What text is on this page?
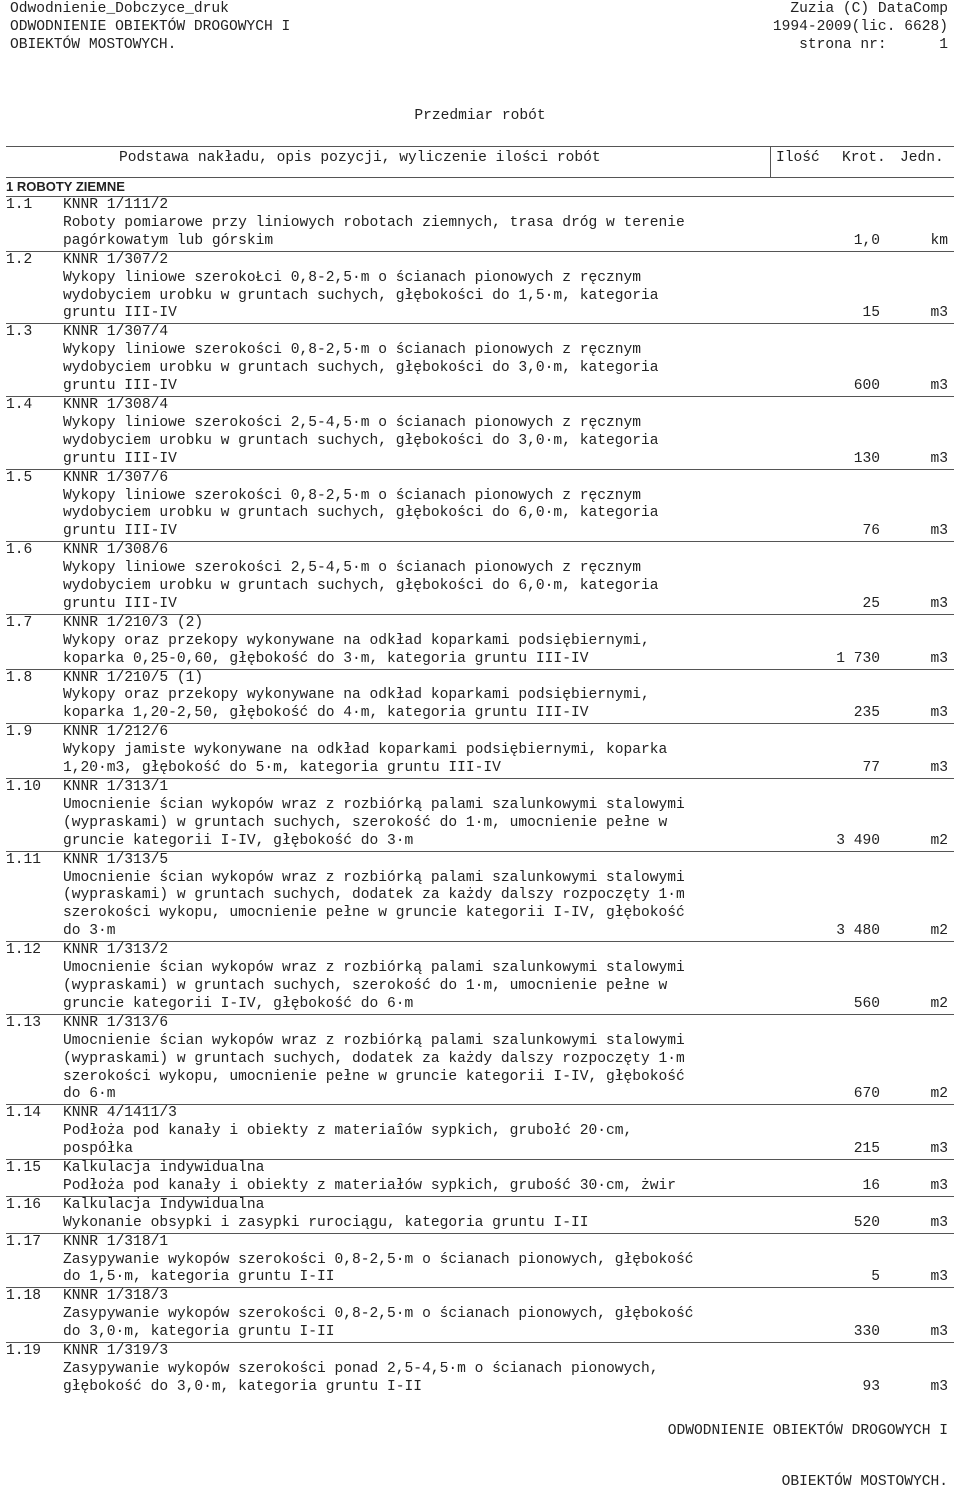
Odwodnienie_Dobczyce_druk	Zuzia (C) DataComp
ODWODNIENIE OBIEKTÓW DROGOWYCH I	1994-2009(lic. 6628)
OBIEKTÓW MOSTOWYCH.	strona nr:	1
Przedmiar robót
Podstawa nakładu, opis pozycji, wyliczenie ilości robót	Ilość Krot. Jedn.
1 ROBOTY ZIEMNE
1.1	KNNR 1/111/2
Roboty pomiarowe przy liniowych robotach ziemnych, trasa dróg w terenie
pagórkowatym lub górskim	1,0	km
1.2	KNNR 1/307/2
Wykopy liniowe szerokoŁci 0,8-2,5·m o ścianach pionowych z ręcznym
wydobyciem urobku w gruntach suchych, głębokości do 1,5·m, kategoria
gruntu III-IV	15	m3
1.3	KNNR 1/307/4
Wykopy liniowe szerokości 0,8-2,5·m o ścianach pionowych z ręcznym
wydobyciem urobku w gruntach suchych, głębokości do 3,0·m, kategoria
gruntu III-IV	600	m3
1.4	KNNR 1/308/4
Wykopy liniowe szerokości 2,5-4,5·m o ścianach pionowych z ręcznym
wydobyciem urobku w gruntach suchych, głębokości do 3,0·m, kategoria
gruntu III-IV	130	m3
1.5	KNNR 1/307/6
Wykopy liniowe szerokości 0,8-2,5·m o ścianach pionowych z ręcznym
wydobyciem urobku w gruntach suchych, głębokości do 6,0·m, kategoria
gruntu III-IV	76	m3
1.6	KNNR 1/308/6
Wykopy liniowe szerokości 2,5-4,5·m o ścianach pionowych z ręcznym
wydobyciem urobku w gruntach suchych, głębokości do 6,0·m, kategoria
gruntu III-IV	25	m3
1.7	KNNR 1/210/3 (2)
Wykopy oraz przekopy wykonywane na odkład koparkami podsiębiernymi,
koparka 0,25-0,60, głębokość do 3·m, kategoria gruntu III-IV	1 730	m3
1.8	KNNR 1/210/5 (1)
Wykopy oraz przekopy wykonywane na odkład koparkami podsiębiernymi,
koparka 1,20-2,50, głębokość do 4·m, kategoria gruntu III-IV	235	m3
1.9	KNNR 1/212/6
Wykopy jamiste wykonywane na odkład koparkami podsiębiernymi, koparka
1,20·m3, głębokość do 5·m, kategoria gruntu III-IV	77	m3
1.10	KNNR 1/313/1
Umocnienie ścian wykopów wraz z rozbiórką palami szalunkowymi stalowymi
(wypraskami) w gruntach suchych, szerokość do 1·m, umocnienie pełne w
gruncie kategorii I-IV, głębokość do 3·m	3 490	m2
1.11	KNNR 1/313/5
Umocnienie ścian wykopów wraz z rozbiórką palami szalunkowymi stalowymi
(wypraskami) w gruntach suchych, dodatek za każdy dalszy rozpoczęty 1·m
szerokości wykopu, umocnienie pełne w gruncie kategorii I-IV, głębokość
do 3·m	3 480	m2
1.12	KNNR 1/313/2
Umocnienie ścian wykopów wraz z rozbiórką palami szalunkowymi stalowymi
(wypraskami) w gruntach suchych, szerokość do 1·m, umocnienie pełne w
gruncie kategorii I-IV, głębokość do 6·m	560	m2
1.13	KNNR 1/313/6
Umocnienie ścian wykopów wraz z rozbiórką palami szalunkowymi stalowymi
(wypraskami) w gruntach suchych, dodatek za każdy dalszy rozpoczęty 1·m
szerokości wykopu, umocnienie pełne w gruncie kategorii I-IV, głębokość
do 6·m	670	m2
1.14	KNNR 4/1411/3
Podłoża pod kanały i obiekty z materiaîów sypkich, grubołć 20·cm,
pospółka	215	m3
1.15	Kalkulacja indywidualna
Podłoża pod kanały i obiekty z materiałów sypkich, grubość 30·cm, żwir	16	m3
1.16	Kalkulacja Indywidualna
Wykonanie obsypki i zasypki rurociągu, kategoria gruntu I-II	520	m3
1.17	KNNR 1/318/1
Zasypywanie wykopów szerokości 0,8-2,5·m o ścianach pionowych, głębokość
do 1,5·m, kategoria gruntu I-II	5	m3
1.18	KNNR 1/318/3
Zasypywanie wykopów szerokości 0,8-2,5·m o ścianach pionowych, głębokość
do 3,0·m, kategoria gruntu I-II	330	m3
1.19	KNNR 1/319/3
Zasypywanie wykopów szerokości ponad 2,5-4,5·m o ścianach pionowych,
głębokość do 3,0·m, kategoria gruntu I-II	93	m3

ODWODNIENIE OBIEKTÓW DROGOWYCH I

OBIEKTÓW MOSTOWYCH.
